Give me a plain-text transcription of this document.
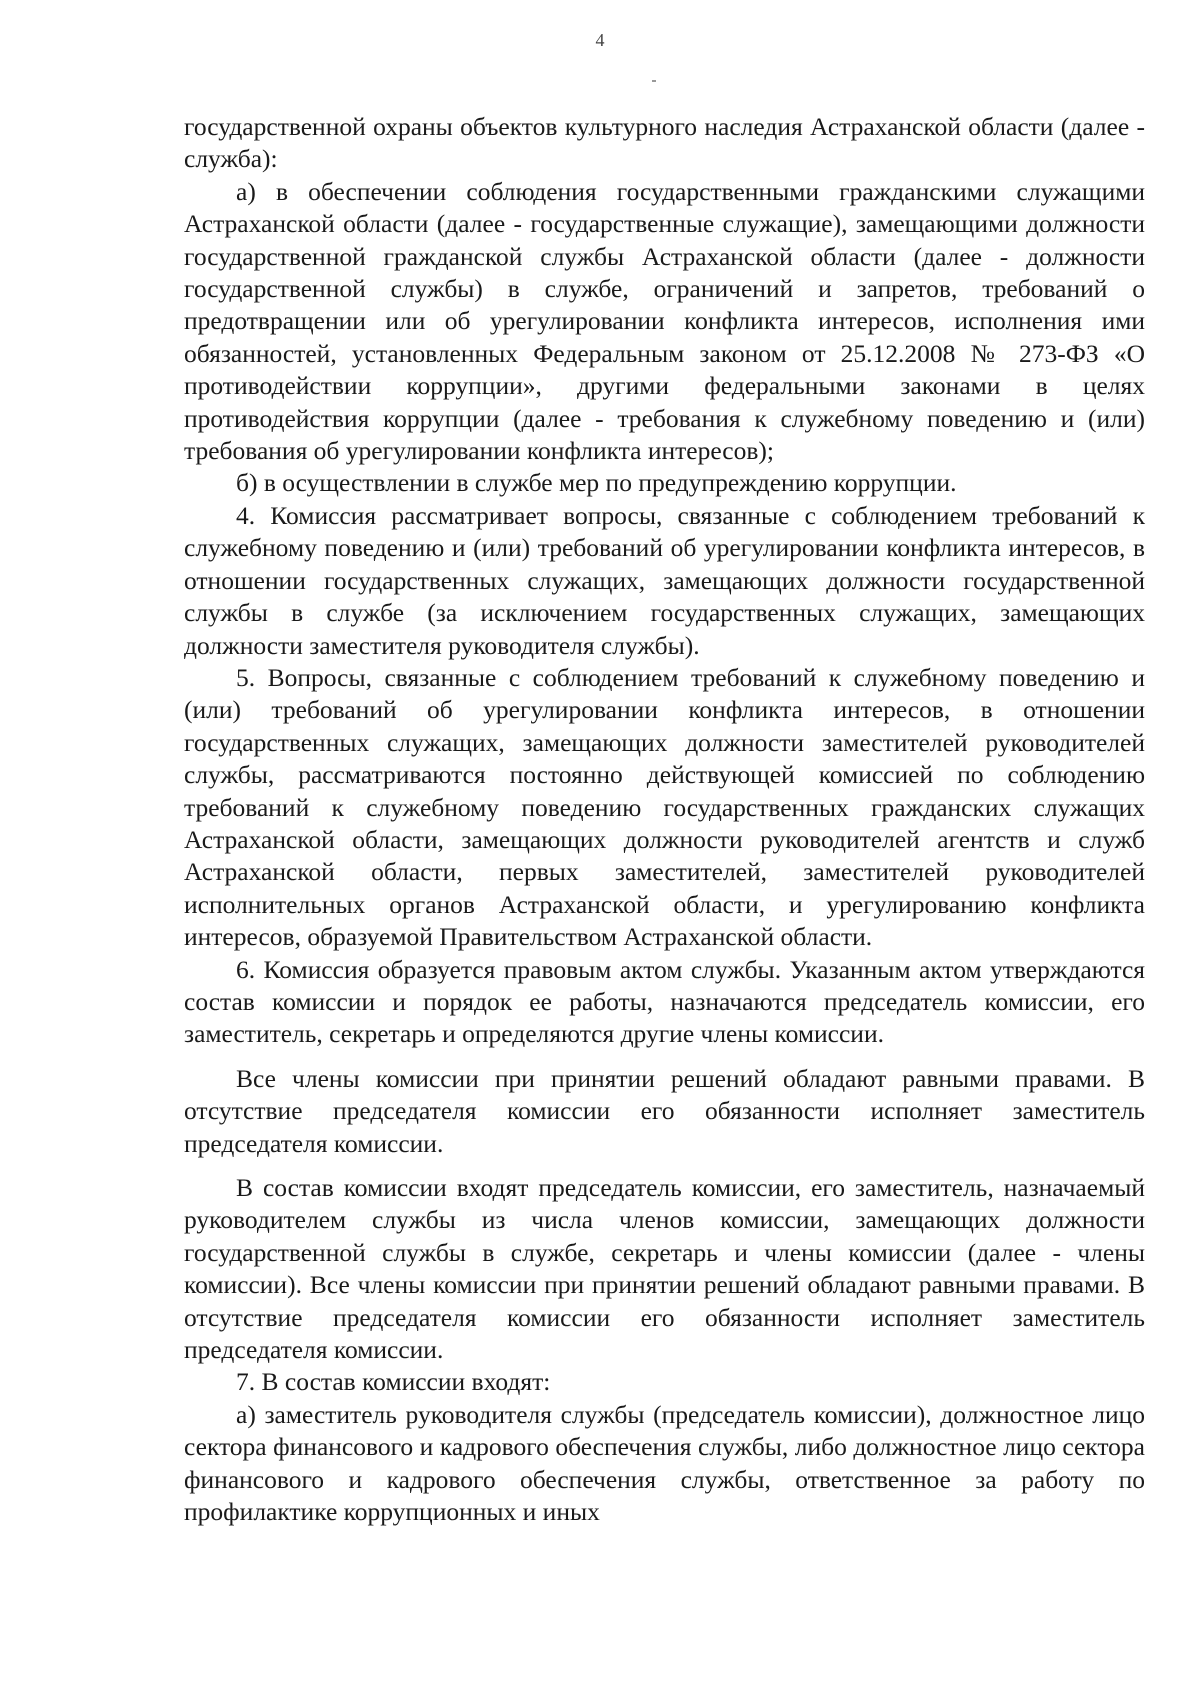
4

государственной охраны объектов культурного наследия Астраханской области (далее - служба):

а) в обеспечении соблюдения государственными гражданскими служащими Астраханской области (далее - государственные служащие), замещающими должности государственной гражданской службы Астраханской области (далее - должности государственной службы) в службе, ограничений и запретов, требований о предотвращении или об урегулировании конфликта интересов, исполнения ими обязанностей, установленных Федеральным законом от 25.12.2008 № 273-ФЗ «О противодействии коррупции», другими федеральными законами в целях противодействия коррупции (далее - требования к служебному поведению и (или) требования об урегулировании конфликта интересов);

б) в осуществлении в службе мер по предупреждению коррупции.

4. Комиссия рассматривает вопросы, связанные с соблюдением требований к служебному поведению и (или) требований об урегулировании конфликта интересов, в отношении государственных служащих, замещающих должности государственной службы в службе (за исключением государственных служащих, замещающих должности заместителя руководителя службы).

5. Вопросы, связанные с соблюдением требований к служебному поведению и (или) требований об урегулировании конфликта интересов, в отношении государственных служащих, замещающих должности заместителей руководителей службы, рассматриваются постоянно действующей комиссией по соблюдению требований к служебному поведению государственных гражданских служащих Астраханской области, замещающих должности руководителей агентств и служб Астраханской области, первых заместителей, заместителей руководителей исполнительных органов Астраханской области, и урегулированию конфликта интересов, образуемой Правительством Астраханской области.

6. Комиссия образуется правовым актом службы. Указанным актом утверждаются состав комиссии и порядок ее работы, назначаются председатель комиссии, его заместитель, секретарь и определяются другие члены комиссии.

Все члены комиссии при принятии решений обладают равными правами. В отсутствие председателя комиссии его обязанности исполняет заместитель председателя комиссии.

В состав комиссии входят председатель комиссии, его заместитель, назначаемый руководителем службы из числа членов комиссии, замещающих должности государственной службы в службе, секретарь и члены комиссии (далее - члены комиссии). Все члены комиссии при принятии решений обладают равными правами. В отсутствие председателя комиссии его обязанности исполняет заместитель председателя комиссии.

7. В состав комиссии входят:

а) заместитель руководителя службы (председатель комиссии), должностное лицо сектора финансового и кадрового обеспечения службы, либо должностное лицо сектора финансового и кадрового обеспечения службы, ответственное за работу по профилактике коррупционных и иных
